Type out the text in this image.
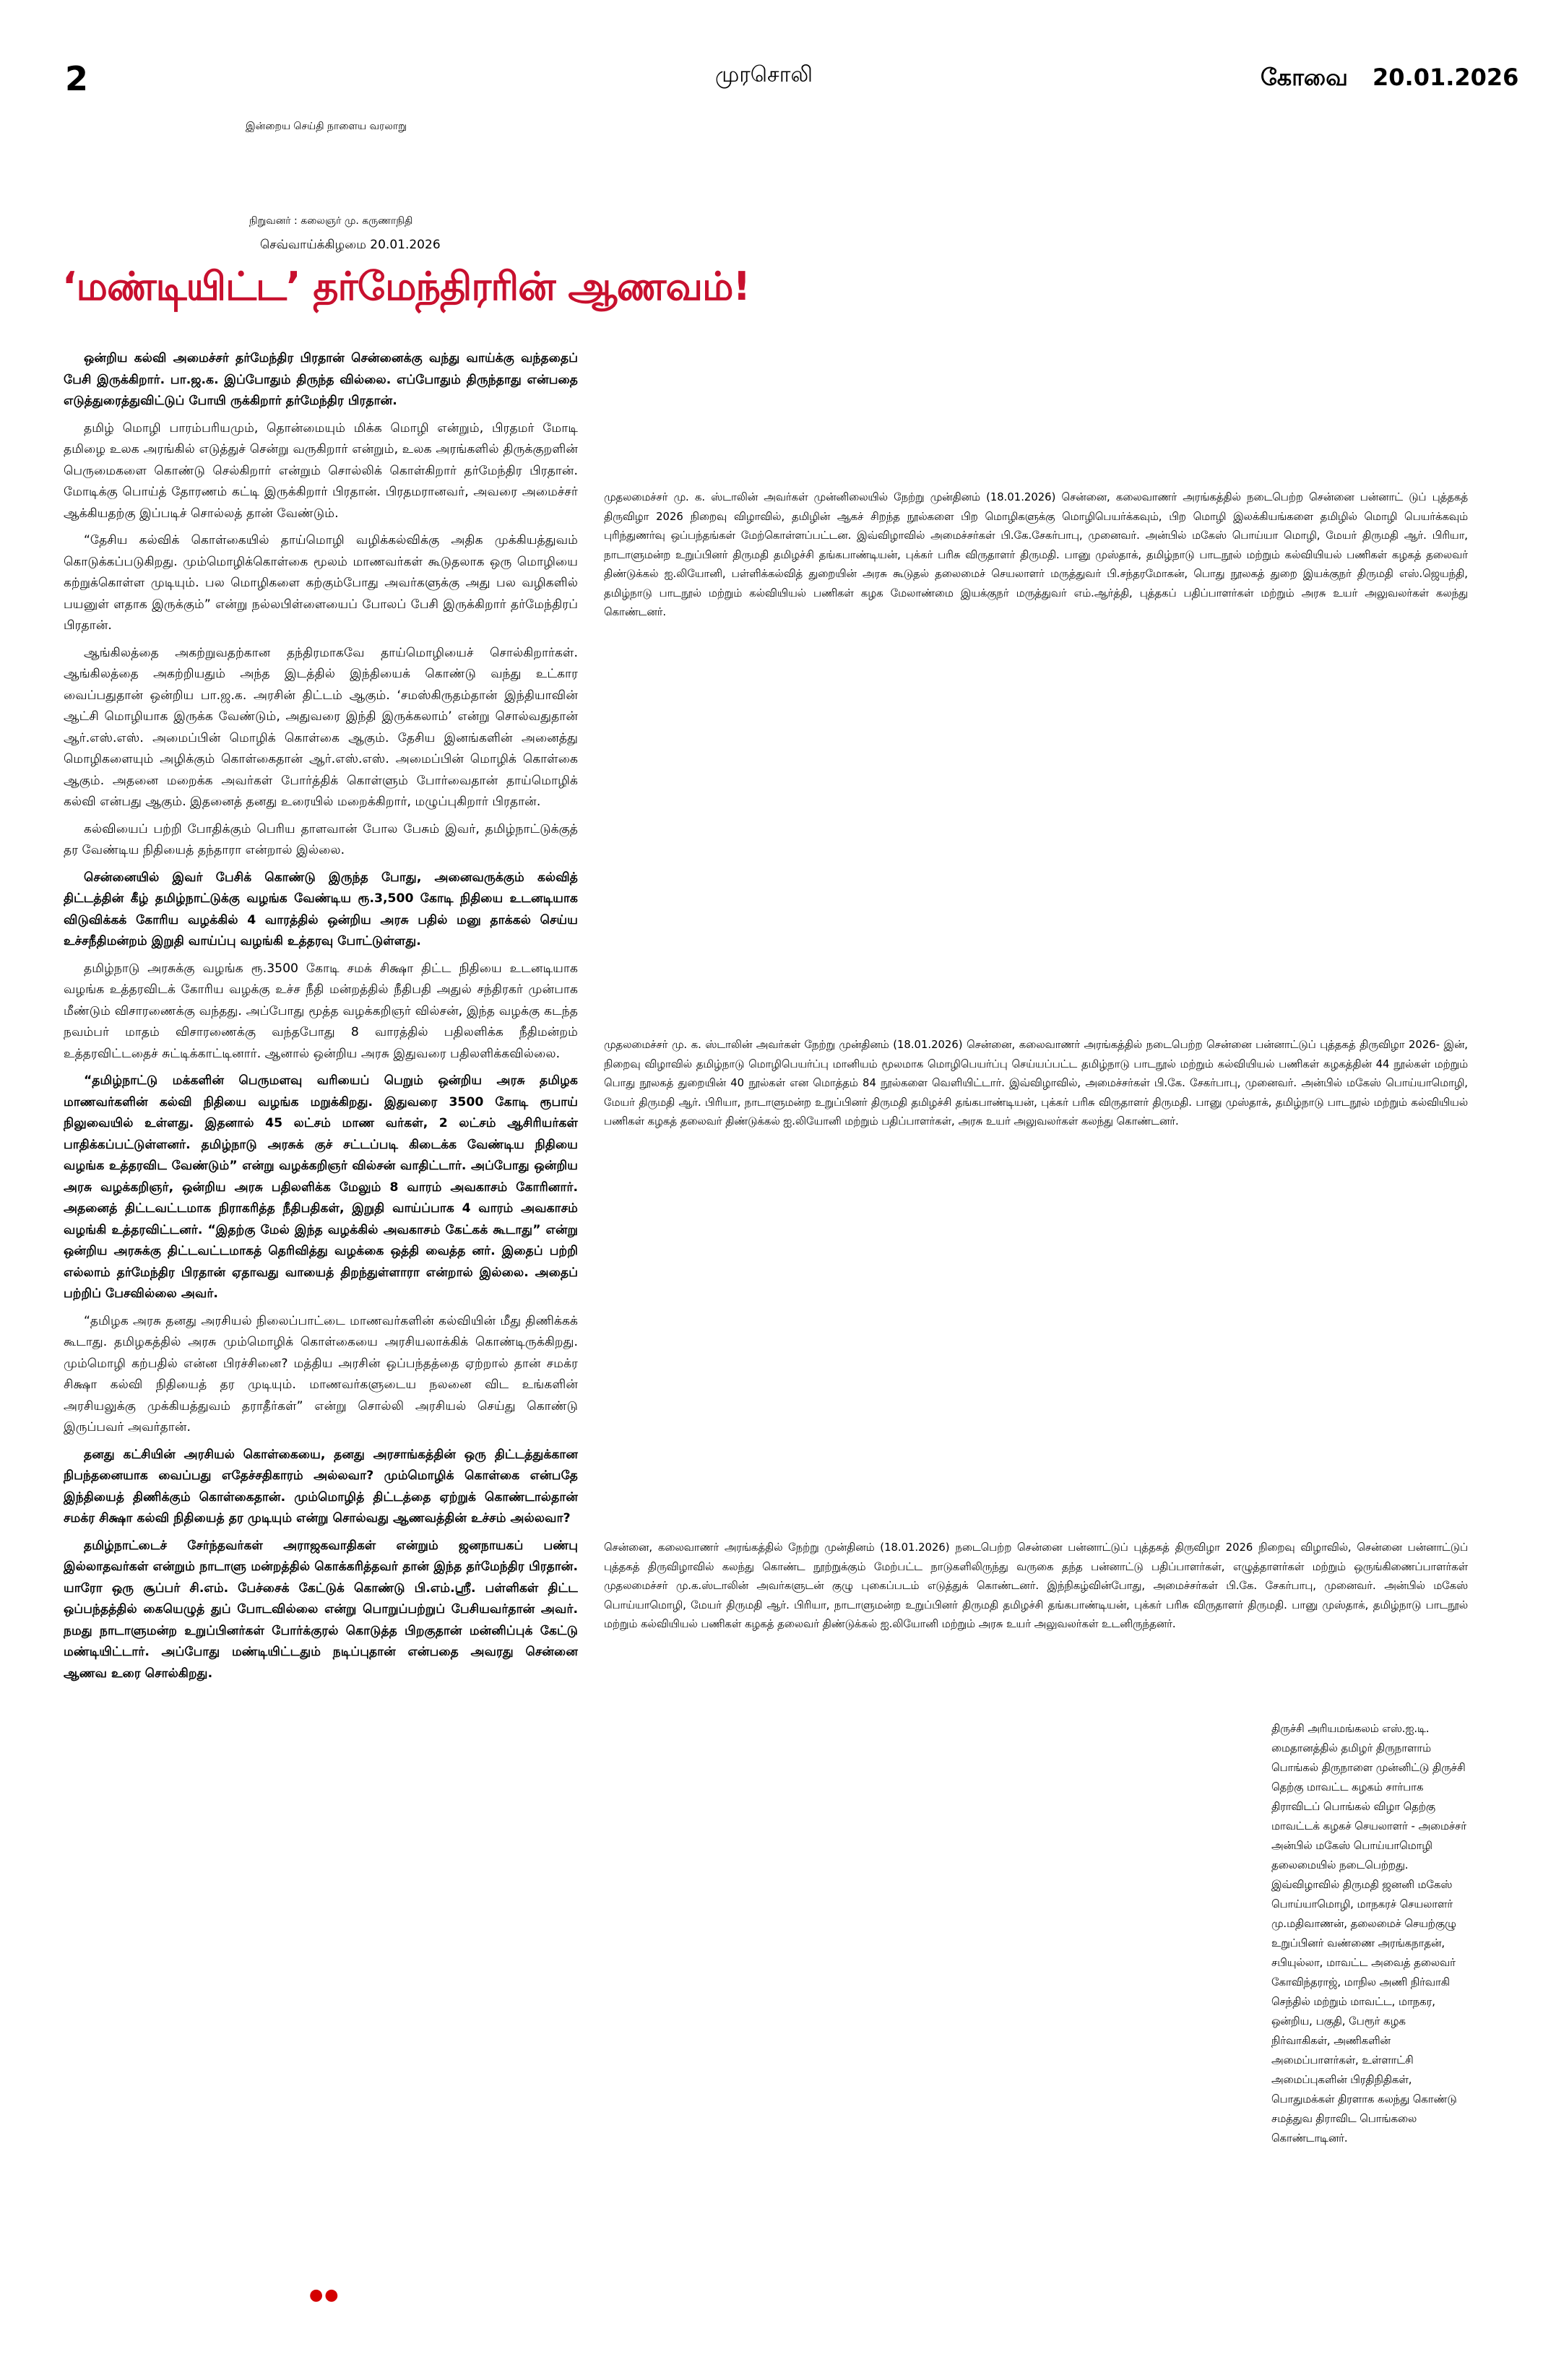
2	முரசொலி	கோவை 20.01.2026
இன்றைய செய்தி நாளைய வரலாறு
நிறுவனர் : கலைஞர் மு. கருணாநிதி
செவ்வாய்க்கிழமை 20.01.2026
‘மண்டியிட்ட’ தர்மேந்திரரின் ஆணவம்!

ஒன்றிய கல்வி அமைச்சர் தர்மேந்திர பிரதான் சென்னைக்கு வந்து வாய்க்கு வந்ததைப் பேசி இருக்கிறார். பா.ஜ.க. இப்போதும் திருந்த வில்லை. எப்போதும் திருந்தாது என்பதை எடுத்துரைத்துவிட்டுப் போயி ருக்கிறார் தர்மேந்திர பிரதான்.

தமிழ் மொழி பாரம்பரியமும், தொன்மையும் மிக்க மொழி என்றும், பிரதமர் மோடி தமிழை உலக அரங்கில் எடுத்துச் சென்று வருகிறார் என்றும், உலக அரங்களில் திருக்குறளின் பெருமைகளை கொண்டு செல்கிறார் என்றும் சொல்லிக் கொள்கிறார் தர்மேந்திர பிரதான். மோடிக்கு பொய்த் தோரணம் கட்டி இருக்கிறார் பிரதான். பிரதமரானவர், அவரை அமைச்சர் ஆக்கியதற்கு இப்படிச் சொல்லத் தான் வேண்டும்.

“தேசிய கல்விக் கொள்கையில் தாய்மொழி வழிக்கல்விக்கு அதிக முக்கியத்துவம் கொடுக்கப்படுகிறது. மும்மொழிக்கொள்கை மூலம் மாணவர்கள் கூடுதலாக ஒரு மொழியை கற்றுக்கொள்ள முடியும். பல மொழிகளை கற்கும்போது அவர்களுக்கு அது பல வழிகளில் பயனுள் ளதாக இருக்கும்” என்று நல்லபிள்ளையைப் போலப் பேசி இருக்கிறார் தர்மேந்திரப் பிரதான்.

ஆங்கிலத்தை அகற்றுவதற்கான தந்திரமாகவே தாய்மொழியைச் சொல்கிறார்கள். ஆங்கிலத்தை அகற்றியதும் அந்த இடத்தில் இந்தியைக் கொண்டு வந்து உட்கார வைப்பதுதான் ஒன்றிய பா.ஜ.க. அரசின் திட்டம் ஆகும். ‘சமஸ்கிருதம்தான் இந்தியாவின் ஆட்சி மொழியாக இருக்க வேண்டும், அதுவரை இந்தி இருக்கலாம்’ என்று சொல்வதுதான் ஆர்.எஸ்.எஸ். அமைப்பின் மொழிக் கொள்கை ஆகும். தேசிய இனங்களின் அனைத்து மொழிகளையும் அழிக்கும் கொள்கைதான் ஆர்.எஸ்.எஸ். அமைப்பின் மொழிக் கொள்கை ஆகும். அதனை மறைக்க அவர்கள் போர்த்திக் கொள்ளும் போர்வைதான் தாய்மொழிக் கல்வி என்பது ஆகும். இதனைத் தனது உரையில் மறைக்கிறார், மழுப்புகிறார் பிரதான்.

கல்வியைப் பற்றி போதிக்கும் பெரிய தாளவான் போல பேசும் இவர், தமிழ்நாட்டுக்குத் தர வேண்டிய நிதியைத் தந்தாரா என்றால் இல்லை.

சென்னையில் இவர் பேசிக் கொண்டு இருந்த போது, அனைவருக்கும் கல்வித் திட்டத்தின் கீழ் தமிழ்நாட்டுக்கு வழங்க வேண்டிய ரூ.3,500 கோடி நிதியை உடனடியாக விடுவிக்கக் கோரிய வழக்கில் 4 வாரத்தில் ஒன்றிய அரசு பதில் மனு தாக்கல் செய்ய உச்சநீதிமன்றம் இறுதி வாய்ப்பு வழங்கி உத்தரவு போட்டுள்ளது.

தமிழ்நாடு அரசுக்கு வழங்க ரூ.3500 கோடி சமக் சிக்ஷா திட்ட நிதியை உடனடியாக வழங்க உத்தரவிடக் கோரிய வழக்கு உச்ச நீதி மன்றத்தில் நீதிபதி அதுல் சந்திரகர் முன்பாக மீண்டும் விசாரணைக்கு வந்தது. அப்போது மூத்த வழக்கறிஞர் வில்சன், இந்த வழக்கு கடந்த நவம்பர் மாதம் விசாரணைக்கு வந்தபோது 8 வாரத்தில் பதிலளிக்க நீதிமன்றம் உத்தரவிட்டதைச் சுட்டிக்காட்டினார். ஆனால் ஒன்றிய அரசு இதுவரை பதிலளிக்கவில்லை.

“தமிழ்நாட்டு மக்களின் பெருமளவு வரியைப் பெறும் ஒன்றிய அரசு தமிழக மாணவர்களின் கல்வி நிதியை வழங்க மறுக்கிறது. இதுவரை 3500 கோடி ரூபாய் நிலுவையில் உள்ளது. இதனால் 45 லட்சம் மாண வர்கள், 2 லட்சம் ஆசிரியர்கள் பாதிக்கப்பட்டுள்ளனர். தமிழ்நாடு அரசுக் குச் சட்டப்படி கிடைக்க வேண்டிய நிதியை வழங்க உத்தரவிட வேண்டும்” என்று வழக்கறிஞர் வில்சன் வாதிட்டார். அப்போது ஒன்றிய அரசு வழக்கறிஞர், ஒன்றிய அரசு பதிலளிக்க மேலும் 8 வாரம் அவகாசம் கோரினார். அதனைத் திட்டவட்டமாக நிராகரித்த நீதிபதிகள், இறுதி வாய்ப்பாக 4 வாரம் அவகாசம் வழங்கி உத்தரவிட்டனர். “இதற்கு மேல் இந்த வழக்கில் அவகாசம் கேட்கக் கூடாது” என்று ஒன்றிய அரசுக்கு திட்டவட்டமாகத் தெரிவித்து வழக்கை ஒத்தி வைத்த னர். இதைப் பற்றி எல்லாம் தர்மேந்திர பிரதான் ஏதாவது வாயைத் திறந்துள்ளாரா என்றால் இல்லை. அதைப் பற்றிப் பேசவில்லை அவர்.

“தமிழக அரசு தனது அரசியல் நிலைப்பாட்டை மாணவர்களின் கல்வியின் மீது திணிக்கக் கூடாது. தமிழகத்தில் அரசு மும்மொழிக் கொள்கையை அரசியலாக்கிக் கொண்டிருக்கிறது. மும்மொழி கற்பதில் என்ன பிரச்சினை? மத்திய அரசின் ஒப்பந்தத்தை ஏற்றால் தான் சமக்ர சிக்ஷா கல்வி நிதியைத் தர முடியும். மாணவர்களுடைய நலனை விட உங்களின் அரசியலுக்கு முக்கியத்துவம் தராதீர்கள்” என்று சொல்லி அரசியல் செய்து கொண்டு இருப்பவர் அவர்தான்.

தனது கட்சியின் அரசியல் கொள்கையை, தனது அரசாங்கத்தின் ஒரு திட்டத்துக்கான நிபந்தனையாக வைப்பது எதேச்சதிகாரம் அல்லவா? மும்மொழிக் கொள்கை என்பதே இந்தியைத் திணிக்கும் கொள்கைதான். மும்மொழித் திட்டத்தை ஏற்றுக் கொண்டால்தான் சமக்ர சிக்ஷா கல்வி நிதியைத் தர முடியும் என்று சொல்வது ஆணவத்தின் உச்சம் அல்லவா?

தமிழ்நாட்டைச் சேர்ந்தவர்கள் அராஜகவாதிகள் என்றும் ஜனநாயகப் பண்பு இல்லாதவர்கள் என்றும் நாடாளு மன்றத்தில் கொக்கரித்தவர் தான் இந்த தர்மேந்திர பிரதான். யாரோ ஒரு சூப்பர் சி.எம். பேச்சைக் கேட்டுக் கொண்டு பி.எம்.ஸ்ரீ. பள்ளிகள் திட்ட ஒப்பந்தத்தில் கையெழுத் துப் போடவில்லை என்று பொறுப்பற்றுப் பேசியவர்தான் அவர். நமது நாடாளுமன்ற உறுப்பினர்கள் போர்க்குரல் கொடுத்த பிறகுதான் மன்னிப்புக் கேட்டு மண்டியிட்டார். அப்போது மண்டியிட்டதும் நடிப்புதான் என்பதை அவரது சென்னை ஆணவ உரை சொல்கிறது.

●●
முதலமைச்சர் மு. க. ஸ்டாலின் அவர்கள் முன்னிலையில் நேற்று முன்தினம் (18.01.2026) சென்னை, கலைவாணர் அரங்கத்தில் நடைபெற்ற சென்னை பன்னாட் டுப் புத்தகத் திருவிழா 2026 நிறைவு விழாவில், தமிழின் ஆகச் சிறந்த நூல்களை பிற மொழிகளுக்கு மொழிபெயர்க்கவும், பிற மொழி இலக்கியங்களை தமிழில் மொழி பெயர்க்கவும் புரிந்துணர்வு ஒப்பந்தங்கள் மேற்கொள்ளப்பட்டன. இவ்விழாவில் அமைச்சர்கள் பி.கே.சேகர்பாபு, முனைவர். அன்பில் மகேஸ் பொய்யா மொழி, மேயர் திருமதி ஆர். பிரியா, நாடாளுமன்ற உறுப்பினர் திருமதி தமிழச்சி தங்கபாண்டியன், புக்கர் பரிசு விருதாளர் திருமதி. பானு முஸ்தாக், தமிழ்நாடு பாடநூல் மற்றும் கல்வியியல் பணிகள் கழகத் தலைவர் திண்டுக்கல் ஐ.லியோனி, பள்ளிக்கல்வித் துறையின் அரசு கூடுதல் தலைமைச் செயலாளர் மருத்துவர் பி.சந்தரமோகன், பொது நூலகத் துறை இயக்குநர் திருமதி எஸ்.ஜெயந்தி, தமிழ்நாடு பாடநூல் மற்றும் கல்வியியல் பணிகள் கழக மேலாண்மை இயக்குநர் மருத்துவர் எம்.ஆர்த்தி, புத்தகப் பதிப்பாளர்கள் மற்றும் அரசு உயர் அலுவலர்கள் கலந்து கொண்டனர்.
முதலமைச்சர் மு. க. ஸ்டாலின் அவர்கள் நேற்று முன்தினம் (18.01.2026) சென்னை, கலைவாணர் அரங்கத்தில் நடைபெற்ற சென்னை பன்னாட்டுப் புத்தகத் திருவிழா 2026- இன், நிறைவு விழாவில் தமிழ்நாடு மொழிபெயர்ப்பு மானியம் மூலமாக மொழிபெயர்ப்பு செய்யப்பட்ட தமிழ்நாடு பாடநூல் மற்றும் கல்வியியல் பணிகள் கழகத்தின் 44 நூல்கள் மற்றும் பொது நூலகத் துறையின் 40 நூல்கள் என மொத்தம் 84 நூல்களை வெளியிட்டார். இவ்விழாவில், அமைச்சர்கள் பி.கே. சேகர்பாபு, முனைவர். அன்பில் மகேஸ் பொய்யாமொழி, மேயர் திருமதி ஆர். பிரியா, நாடாளுமன்ற உறுப்பினர் திருமதி தமிழச்சி தங்கபாண்டியன், புக்கர் பரிசு விருதாளர் திருமதி. பானு முஸ்தாக், தமிழ்நாடு பாடநூல் மற்றும் கல்வியியல் பணிகள் கழகத் தலைவர் திண்டுக்கல் ஐ.லியோனி மற்றும் பதிப்பாளர்கள், அரசு உயர் அலுவலர்கள் கலந்து கொண்டனர்.
சென்னை, கலைவாணர் அரங்கத்தில் நேற்று முன்தினம் (18.01.2026) நடைபெற்ற சென்னை பன்னாட்டுப் புத்தகத் திருவிழா 2026 நிறைவு விழாவில், சென்னை பன்னாட்டுப் புத்தகத் திருவிழாவில் கலந்து கொண்ட நூற்றுக்கும் மேற்பட்ட நாடுகளிலிருந்து வருகை தந்த பன்னாட்டு பதிப்பாளர்கள், எழுத்தாளர்கள் மற்றும் ஒருங்கிணைப்பாளர்கள் முதலமைச்சர் மு.க.ஸ்டாலின் அவர்களுடன் குழு புகைப்படம் எடுத்துக் கொண்டனர். இந்நிகழ்வின்போது, அமைச்சர்கள் பி.கே. சேகர்பாபு, முனைவர். அன்பில் மகேஸ் பொய்யாமொழி, மேயர் திருமதி ஆர். பிரியா, நாடாளுமன்ற உறுப்பினர் திருமதி தமிழச்சி தங்கபாண்டியன், புக்கர் பரிசு விருதாளர் திருமதி. பானு முஸ்தாக், தமிழ்நாடு பாடநூல் மற்றும் கல்வியியல் பணிகள் கழகத் தலைவர் திண்டுக்கல் ஐ.லியோனி மற்றும் அரசு உயர் அலுவலர்கள் உடனிருந்தனர்.
திருச்சி அரியமங்கலம் எஸ்.ஐ.டி. மைதானத்தில் தமிழர் திருநாளாம் பொங்கல் திருநாளை முன்னிட்டு திருச்சி தெற்கு மாவட்ட கழகம் சார்பாக திராவிடப் பொங்கல் விழா தெற்கு மாவட்டக் கழகச் செயலாளர் - அமைச்சர் அன்பில் மகேஸ் பொய்யாமொழி தலைமையில் நடைபெற்றது. இவ்விழாவில் திருமதி ஜனனி மகேஸ் பொய்யாமொழி, மாநகரச் செயலாளர் மு.மதிவாணன், தலைமைச் செயற்குழு உறுப்பினர் வண்ணை அரங்கநாதன், சபியுல்லா, மாவட்ட அவைத் தலைவர் கோவிந்தராஜ், மாநில அணி நிர்வாகி செந்தில் மற்றும் மாவட்ட, மாநகர, ஒன்றிய, பகுதி, பேரூர் கழக நிர்வாகிகள், அணிகளின் அமைப்பாளர்கள், உள்ளாட்சி அமைப்புகளின் பிரதிநிதிகள், பொதுமக்கள் திரளாக கலந்து கொண்டு சமத்துவ திராவிட பொங்கலை கொண்டாடினர்.
